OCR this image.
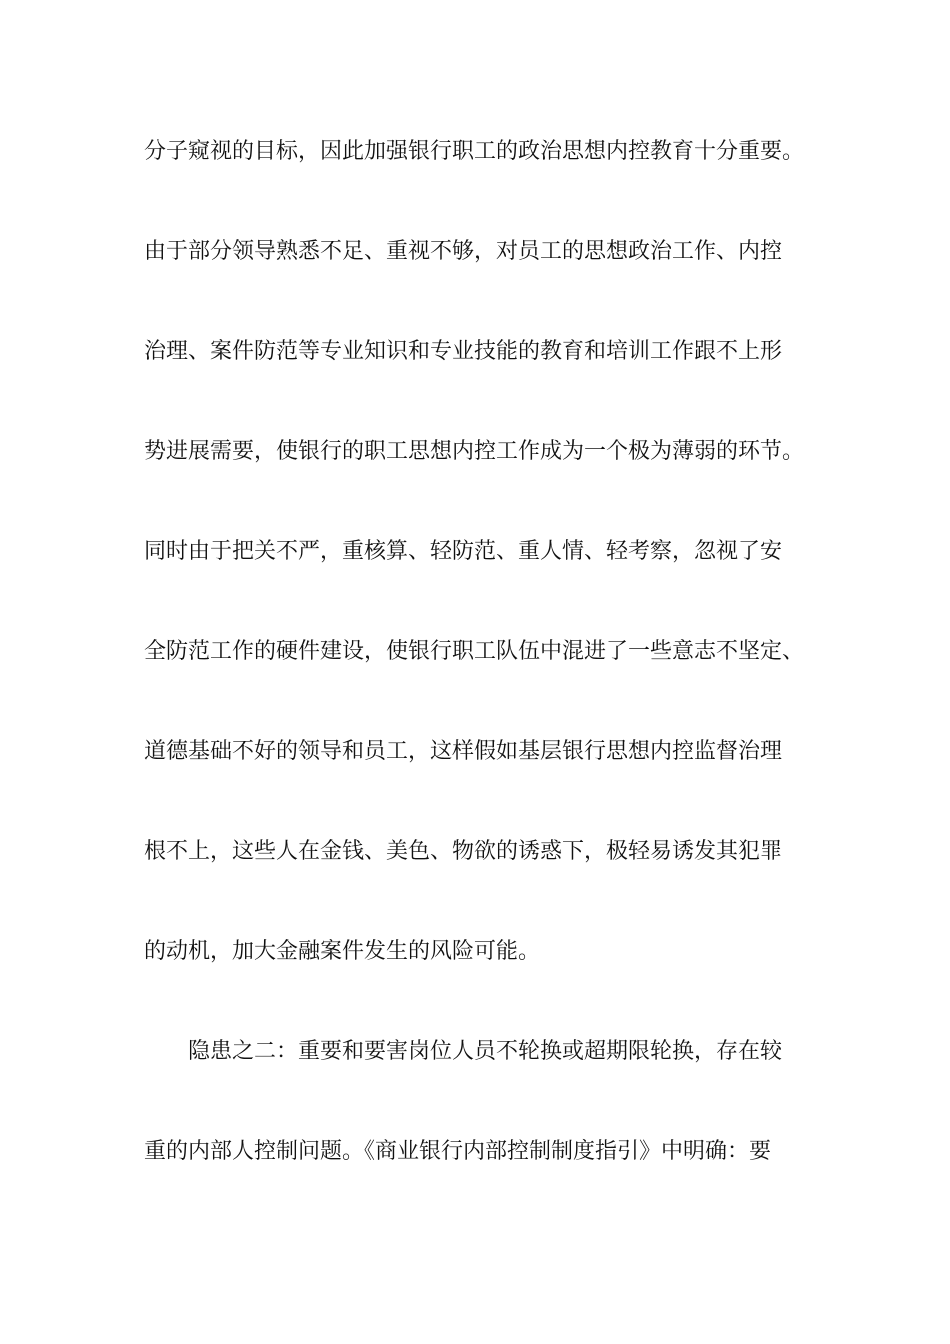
分子窥视的目标，因此加强银行职工的政治思想内控教育十分重要。
由于部分领导熟悉不足、重视不够，对员工的思想政治工作、内控
治理、案件防范等专业知识和专业技能的教育和培训工作跟不上形
势进展需要，使银行的职工思想内控工作成为一个极为薄弱的环节。
同时由于把关不严，重核算、轻防范、重人情、轻考察，忽视了安
全防范工作的硬件建设，使银行职工队伍中混进了一些意志不坚定、
道德基础不好的领导和员工，这样假如基层银行思想内控监督治理
根不上，这些人在金钱、美色、物欲的诱惑下，极轻易诱发其犯罪
的动机，加大金融案件发生的风险可能。
隐患之二：重要和要害岗位人员不轮换或超期限轮换，存在较
重的内部人控制问题。《商业银行内部控制制度指引》中明确：要
